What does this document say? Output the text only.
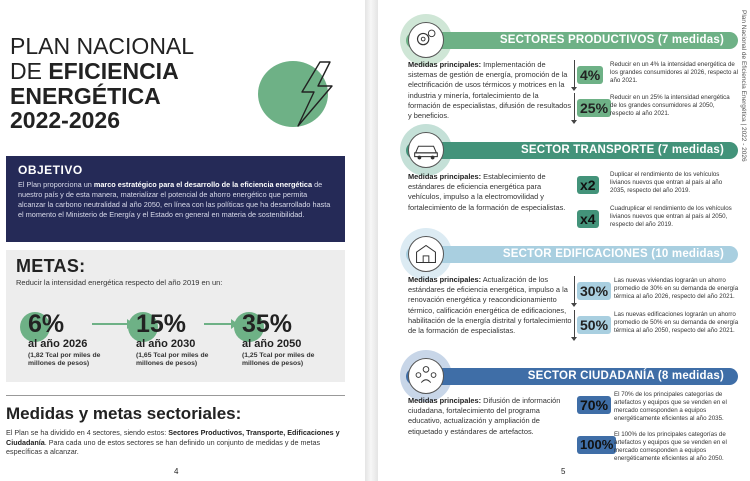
PLAN NACIONAL
DE EFICIENCIA
ENERGÉTICA
2022-2026
OBJETIVO

El Plan proporciona un marco estratégico para el desarrollo de la eficiencia energética de nuestro país y de esta manera, materializar el potencial de ahorro energético que permita alcanzar la carbono neutralidad al año 2050, en línea con las políticas que ha desarrollado hasta el momento el Ministerio de Energía y el Estado en general en materia de sostenibilidad.

METAS:
Reducir la intensidad energética respecto del año 2019 en un:
6%
al año 2026
(1,82 Tcal por miles de millones de pesos)
15%
al año 2030
(1,65 Tcal por miles de millones de pesos)
35%
al año 2050
(1,25 Tcal por miles de millones de pesos)
Medidas y metas sectoriales:
El Plan se ha dividido en 4 sectores, siendo estos: Sectores Productivos, Transporte, Edificaciones y Ciudadanía. Para cada uno de estos sectores se han definido un conjunto de medidas y de metas específicas a alcanzar.
4
Plan Nacional de Eficiencia Energética | 2022 - 2026
SECTORES PRODUCTIVOS (7 medidas)
Medidas principales: Implementación de sistemas de gestión de energía, promoción de la electrificación de usos térmicos y motrices en la industria y minería, fortalecimiento de la formación de especialistas, difusión de resultados y beneficios.
4%
Reducir en un 4% la intensidad energética de los grandes consumidores al 2026, respecto al año 2021.
25%
Reducir en un 25% la intensidad energética de los grandes consumidores al 2050, respecto al año 2021.
SECTOR TRANSPORTE (7 medidas)
Medidas principales: Establecimiento de estándares de eficiencia energética para vehículos, impulso a la electromovilidad y fortalecimiento de la formación de especialistas.
x2
Duplicar el rendimiento de los vehículos livianos nuevos que entran al país al año 2035, respecto del año 2019.
x4
Cuadruplicar el rendimiento de los vehículos livianos nuevos que entran al país al 2050, respecto del año 2019.
SECTOR EDIFICACIONES (10 medidas)
Medidas principales: Actualización de los estándares de eficiencia energética, impulso a la renovación energética y reacondicionamiento térmico, calificación energética de edificaciones, habilitación de la energía distrital y fortalecimiento de la formación de especialistas.
30%
Las nuevas viviendas lograrán un ahorro promedio de 30% en su demanda de energía térmica al año 2026, respecto del año 2021.
50%
Las nuevas edificaciones lograrán un ahorro promedio de 50% en su demanda de energía térmica al año 2050, respecto del año 2021.
SECTOR CIUDADANÍA (8 medidas)
Medidas principales: Difusión de información ciudadana, fortalecimiento del programa educativo, actualización y ampliación de etiquetado y estándares de artefactos.
70%
El 70% de los principales categorías de artefactos y equipos que se venden en el mercado corresponden a equipos energéticamente eficientes al año 2035.
100%
El 100% de los principales categorías de artefactos y equipos que se venden en el mercado corresponden a equipos energéticamente eficientes al año 2050.
5
